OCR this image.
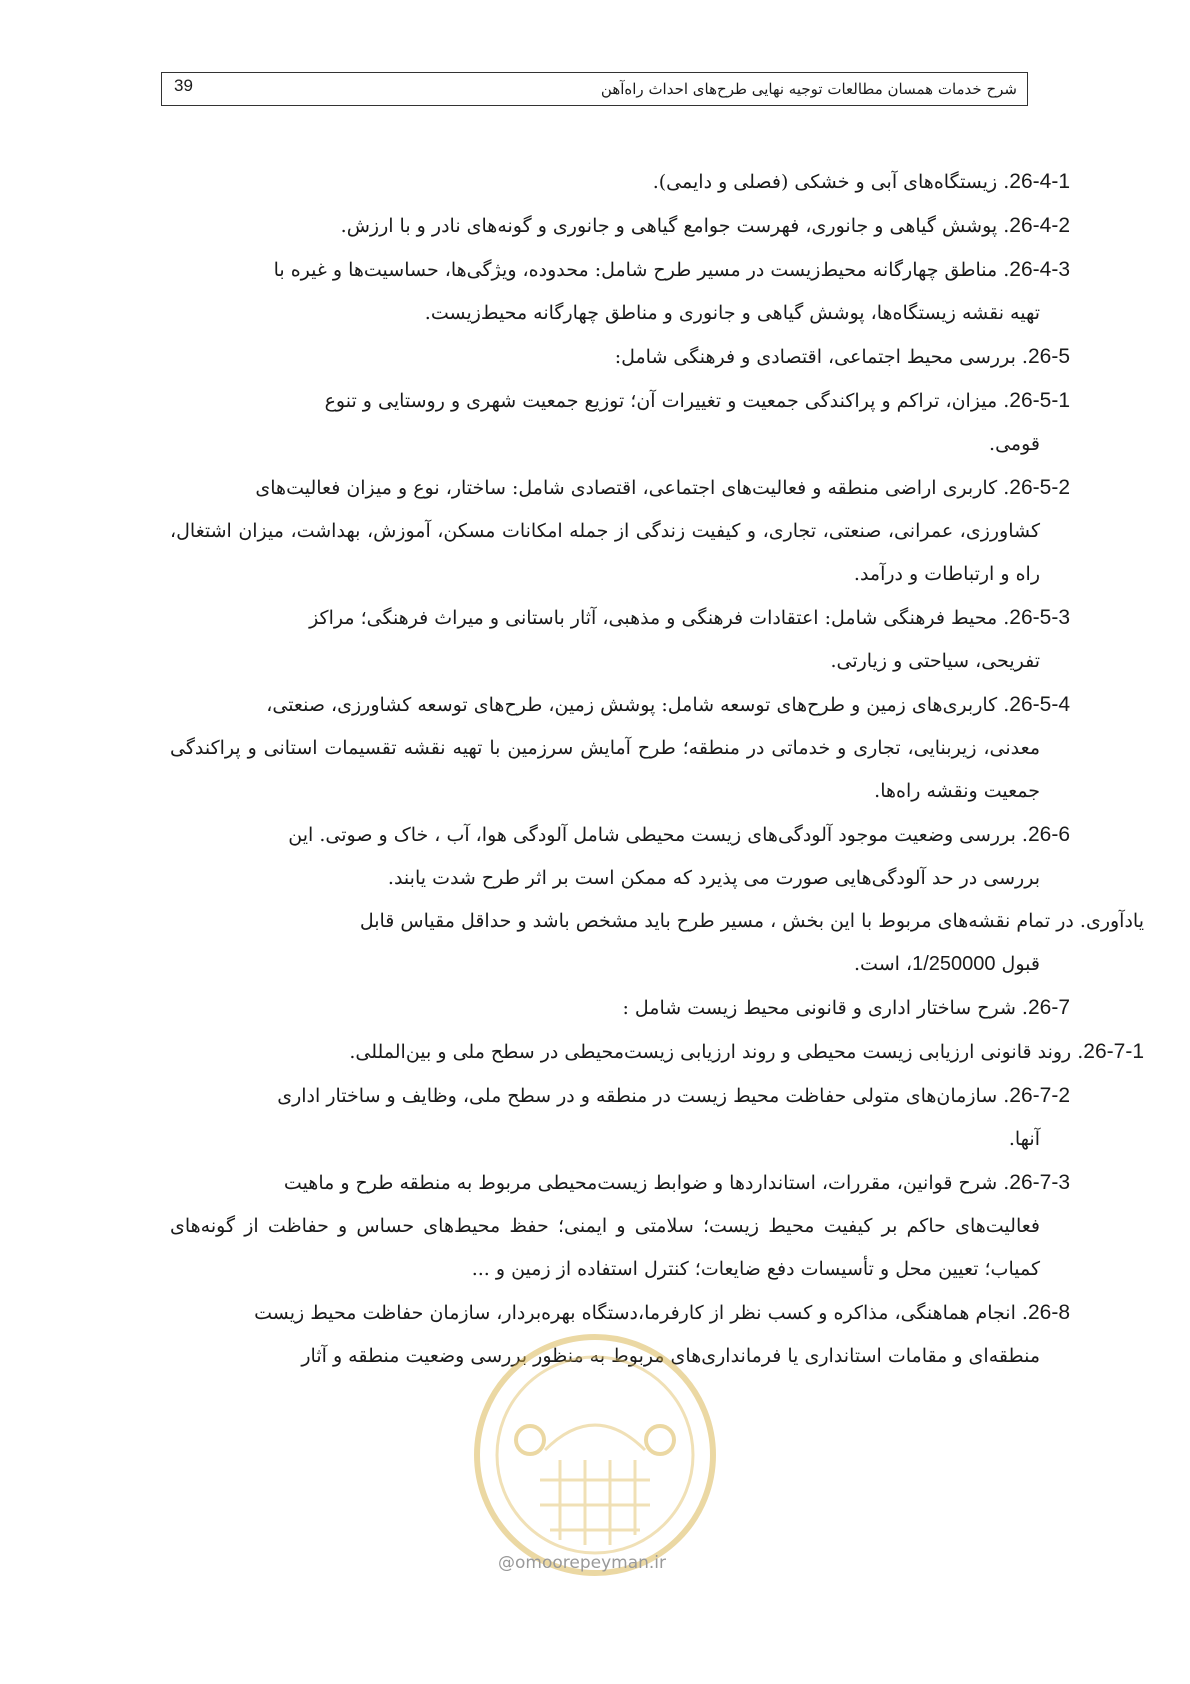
39	شرح خدمات همسان مطالعات توجیه نهایی طرح‌های احداث راه‌آهن

26-4-1. زیستگاه‌های آبی و خشکی (فصلی و دایمی).

26-4-2. پوشش گیاهی و جانوری، فهرست جوامع گیاهی و جانوری و گونه‌های نادر و با ارزش.

26-4-3. مناطق چهارگانه محیط‌زیست در مسیر طرح شامل: محدوده، ویژگی‌ها، حساسیت‌ها و غیره با
تهیه نقشه زیستگاه‌ها، پوشش گیاهی و جانوری و مناطق چهارگانه محیط‌زیست.

26-5. بررسی محیط اجتماعی، اقتصادی و فرهنگی شامل:

26-5-1. میزان، تراکم و پراکندگی جمعیت و تغییرات آن؛ توزیع جمعیت شهری و روستایی و تنوع
قومی.

26-5-2. کاربری اراضی منطقه و فعالیت‌های اجتماعی، اقتصادی شامل: ساختار، نوع و میزان فعالیت‌های
کشاورزی، عمرانی، صنعتی، تجاری، و کیفیت زندگی از جمله امکانات مسکن، آموزش، بهداشت، میزان اشتغال، راه و ارتباطات و درآمد.

26-5-3. محیط فرهنگی شامل: اعتقادات فرهنگی و مذهبی، آثار باستانی و میراث فرهنگی؛ مراکز
تفریحی، سیاحتی و زیارتی.

26-5-4. کاربری‌های زمین و طرح‌های توسعه شامل: پوشش زمین، طرح‌های توسعه کشاورزی، صنعتی،
معدنی، زیربنایی، تجاری و خدماتی در منطقه؛ طرح آمایش سرزمین با تهیه نقشه تقسیمات استانی و پراکندگی جمعیت ونقشه راه‌ها.

26-6. بررسی وضعیت موجود آلودگی‌های زیست محیطی شامل آلودگی هوا، آب ، خاک و صوتی. این
بررسی در حد آلودگی‌هایی صورت می پذیرد که ممکن است بر اثر طرح شدت یابند.

یادآوری. در تمام نقشه‌های مربوط با این بخش ، مسیر طرح باید مشخص باشد و حداقل مقیاس قابل
قبول 1/250000، است.

26-7. شرح ساختار اداری و قانونی محیط زیست شامل :

26-7-1. روند قانونی ارزیابی زیست محیطی و روند ارزیابی زیست‌محیطی در سطح ملی و بین‌المللی.

26-7-2. سازمان‌های متولی حفاظت محیط زیست در منطقه و در سطح ملی، وظایف و ساختار اداری
آنها.

26-7-3. شرح قوانین، مقررات، استانداردها و ضوابط زیست‌محیطی مربوط به منطقه طرح و ماهیت
فعالیت‌های حاکم بر کیفیت محیط زیست؛ سلامتی و ایمنی؛ حفظ محیط‌های حساس و حفاظت از گونه‌های کمیاب؛ تعیین محل و تأسیسات دفع ضایعات؛ کنترل استفاده از زمین و ...

26-8. انجام هماهنگی، مذاکره و کسب نظر از کارفرما،دستگاه بهره‌بردار، سازمان حفاظت محیط زیست
منطقه‌ای و مقامات استانداری یا فرمانداری‌های مربوط به منظور بررسی وضعیت منطقه و آثار

@omoorepeyman.ir
